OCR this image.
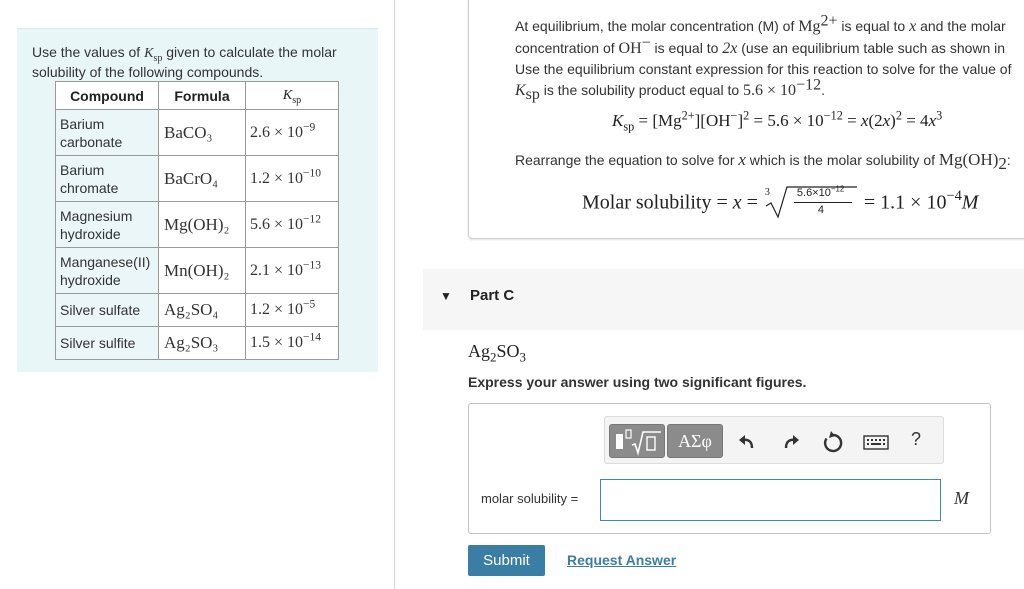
Use the values of $K_{sp}$ given to calculate the molar solubility of the following compounds.
Compound	Formula	$K_{sp}$
Barium carbonate	BaCO₃	$2.6 \times 10^{-9}$
Barium chromate	BaCrO₄	$1.2 \times 10^{-10}$
Magnesium hydroxide	Mg(OH)₂	$5.6 \times 10^{-12}$
Manganese(II) hydroxide	Mn(OH)₂	$2.1 \times 10^{-13}$
Silver sulfate	Ag₂SO₄	$1.2 \times 10^{-5}$
Silver sulfite	Ag₂SO₃	$1.5 \times 10^{-14}$
At equilibrium, the molar concentration (M) of $Mg^{2+}$ is equal to x and the molar
concentration of OH− is equal to 2x (use an equilibrium table such as shown in
Use the equilibrium constant expression for this reaction to solve for the value of
$K_{sp}$ is the solubility product equal to $5.6 \times 10^{-12}$.
$K_{sp} = [Mg^{2+}][OH^-]^2 = 5.6 \times 10^{-12} = x(2x)^2 = 4x^3$
Rearrange the equation to solve for x which is the molar solubility of $Mg(OH)_2$:
Molar solubility = x = 3 $5.6\times 10^{-12}$
$4 = 1.1 \times 10^{-4}M$
▼ Part C
$Ag_2SO_3$
Express your answer using two significant figures.
ΑΣφ	?
molar solubility =	M
Submit	Request Answer
